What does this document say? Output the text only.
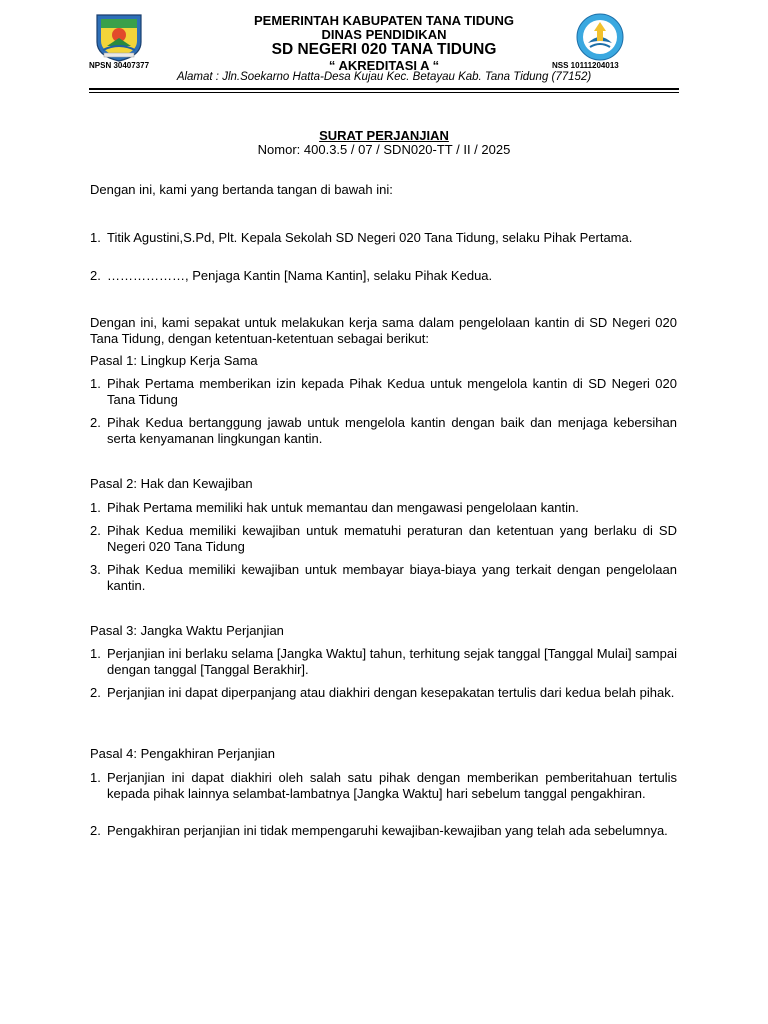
PEMERINTAH KABUPATEN TANA TIDUNG
DINAS PENDIDIKAN
SD NEGERI 020 TANA TIDUNG
“ AKREDITASI A “
NPSN 30407377	NSS 10111204013
Alamat : Jln.Soekarno Hatta-Desa Kujau Kec. Betayau Kab. Tana Tidung (77152)
SURAT PERJANJIAN
Nomor: 400.3.5 / 07 / SDN020-TT / II / 2025
Dengan ini, kami yang bertanda tangan di bawah ini:
1. Titik Agustini,S.Pd, Plt. Kepala Sekolah SD Negeri 020 Tana Tidung, selaku Pihak Pertama.
2. ………………, Penjaga Kantin [Nama Kantin], selaku Pihak Kedua.
Dengan ini, kami sepakat untuk melakukan kerja sama dalam pengelolaan kantin di SD Negeri 020 Tana Tidung, dengan ketentuan-ketentuan sebagai berikut:
Pasal 1: Lingkup Kerja Sama
1. Pihak Pertama memberikan izin kepada Pihak Kedua untuk mengelola kantin di SD Negeri 020 Tana Tidung
2. Pihak Kedua bertanggung jawab untuk mengelola kantin dengan baik dan menjaga kebersihan serta kenyamanan lingkungan kantin.
Pasal 2: Hak dan Kewajiban
1. Pihak Pertama memiliki hak untuk memantau dan mengawasi pengelolaan kantin.
2. Pihak Kedua memiliki kewajiban untuk mematuhi peraturan dan ketentuan yang berlaku di SD Negeri 020 Tana Tidung
3. Pihak Kedua memiliki kewajiban untuk membayar biaya-biaya yang terkait dengan pengelolaan kantin.
Pasal 3: Jangka Waktu Perjanjian
1. Perjanjian ini berlaku selama [Jangka Waktu] tahun, terhitung sejak tanggal [Tanggal Mulai] sampai dengan tanggal [Tanggal Berakhir].
2. Perjanjian ini dapat diperpanjang atau diakhiri dengan kesepakatan tertulis dari kedua belah pihak.
Pasal 4: Pengakhiran Perjanjian
1. Perjanjian ini dapat diakhiri oleh salah satu pihak dengan memberikan pemberitahuan tertulis kepada pihak lainnya selambat-lambatnya [Jangka Waktu] hari sebelum tanggal pengakhiran.
2. Pengakhiran perjanjian ini tidak mempengaruhi kewajiban-kewajiban yang telah ada sebelumnya.
